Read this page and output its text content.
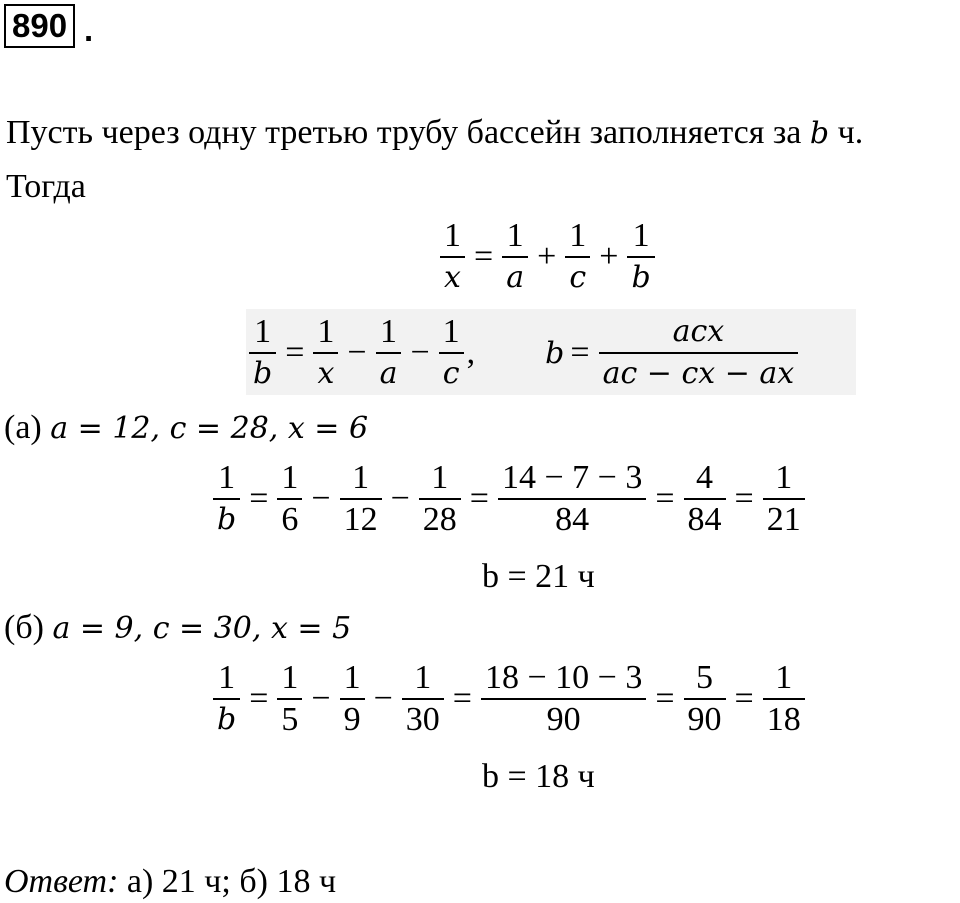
890 .
Пусть через одну третью трубу бассейн заполняется за b ч.
Тогда
$\frac{1}{x} = \frac{1}{a} + \frac{1}{c} + \frac{1}{b}$
$\frac{1}{b} = \frac{1}{x} - \frac{1}{a} - \frac{1}{c}$ , $b = \frac{\text{acx}}{ac - cx - ax}$
(а) a = 12, c = 28, x = 6
$\frac{1}{b} = \frac{1}{6} - \frac{1}{12} - \frac{1}{28} = \frac{14 - 7 - 3}{84} = \frac{4}{84} = \frac{1}{21}$
b = 21 ч
(б) a = 9, c = 30, x = 5
$\frac{1}{b} = \frac{1}{5} - \frac{1}{9} - \frac{1}{30} = \frac{18 - 10 - 3}{90} = \frac{5}{90} = \frac{1}{18}$
b = 18 ч
Ответ: а) 21 ч; б) 18 ч
